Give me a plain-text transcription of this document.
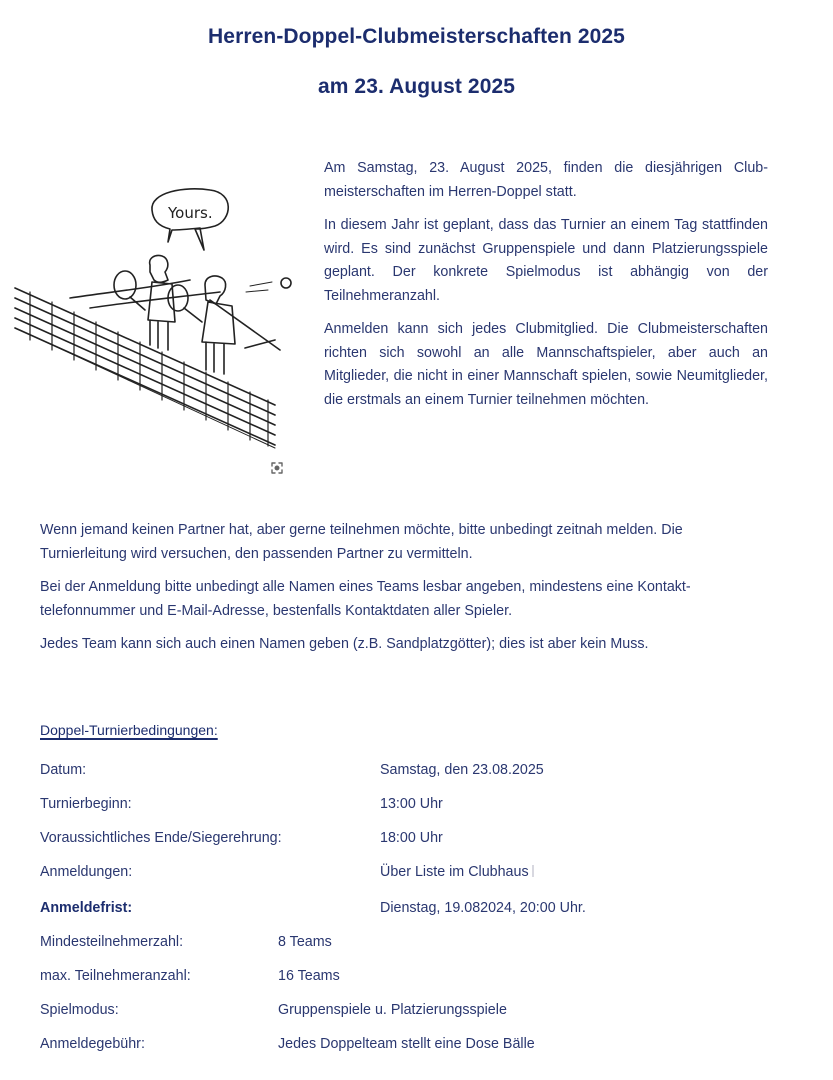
Herren-Doppel-Clubmeisterschaften 2025
am 23. August 2025
Yours.

Am Samstag, 23. August 2025, finden die diesjährigen Clubmeisterschaften im Herren-Doppel statt.

In diesem Jahr ist geplant, dass das Turnier an einem Tag stattfinden wird. Es sind zunächst Gruppenspiele und dann Platzierungsspiele geplant. Der konkrete Spielmodus ist abhängig von der Teilnehmeranzahl.

Anmelden kann sich jedes Clubmitglied. Die Clubmeisterschaften richten sich sowohl an alle Mannschaftspieler, aber auch an Mitglieder, die nicht in einer Mannschaft spielen, sowie Neumitglieder, die erstmals an einem Turnier teilnehmen möchten.

Wenn jemand keinen Partner hat, aber gerne teilnehmen möchte, bitte unbedingt zeitnah melden. Die Turnierleitung wird versuchen, den passenden Partner zu vermitteln.

Bei der Anmeldung bitte unbedingt alle Namen eines Teams lesbar angeben, mindestens eine Kontakttelefonnummer und E-Mail-Adresse, bestenfalls Kontaktdaten aller Spieler.

Jedes Team kann sich auch einen Namen geben (z.B. Sandplatzgötter); dies ist aber kein Muss.

Doppel-Turnierbedingungen:
Datum:	Samstag, den 23.08.2025
Turnierbeginn:	13:00 Uhr
Voraussichtliches Ende/Siegerehrung:	18:00 Uhr
Anmeldungen:	Über Liste im Clubhaus
Anmeldefrist:	Dienstag, 19.082024, 20:00 Uhr.
Mindesteilnehmerzahl:	8 Teams
max. Teilnehmeranzahl:	16 Teams
Spielmodus:	Gruppenspiele u. Platzierungsspiele
Anmeldegebühr:	Jedes Doppelteam stellt eine Dose Bälle
